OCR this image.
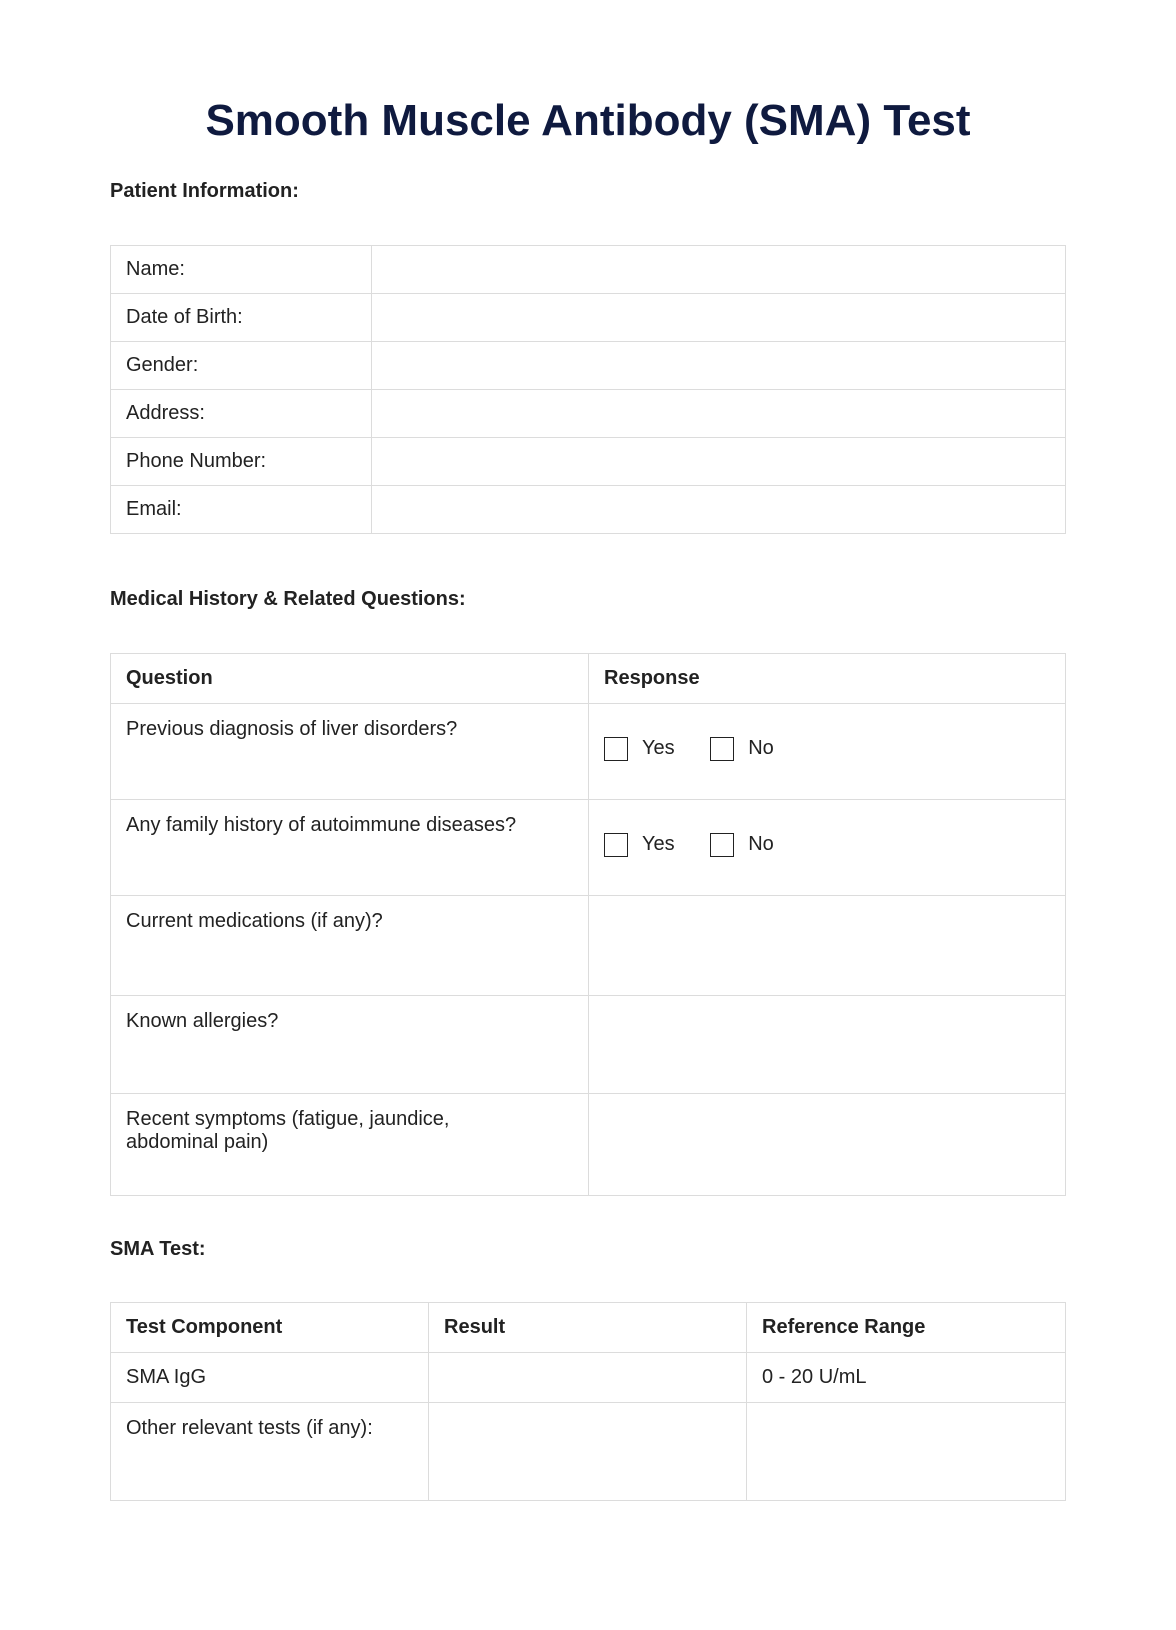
Smooth Muscle Antibody (SMA) Test
Patient Information:
Name:	
Date of Birth:	
Gender:	
Address:	
Phone Number:	
Email:	
Medical History & Related Questions:
Question	Response
Previous diagnosis of liver disorders?	Yes
No

Any family history of autoimmune diseases?	Yes
No

Current medications (if any)?	
Known allergies?	
Recent symptoms (fatigue, jaundice, abdominal pain)	
SMA Test:
Test Component	Result	Reference Range
SMA IgG		0 - 20 U/mL
Other relevant tests (if any):		
